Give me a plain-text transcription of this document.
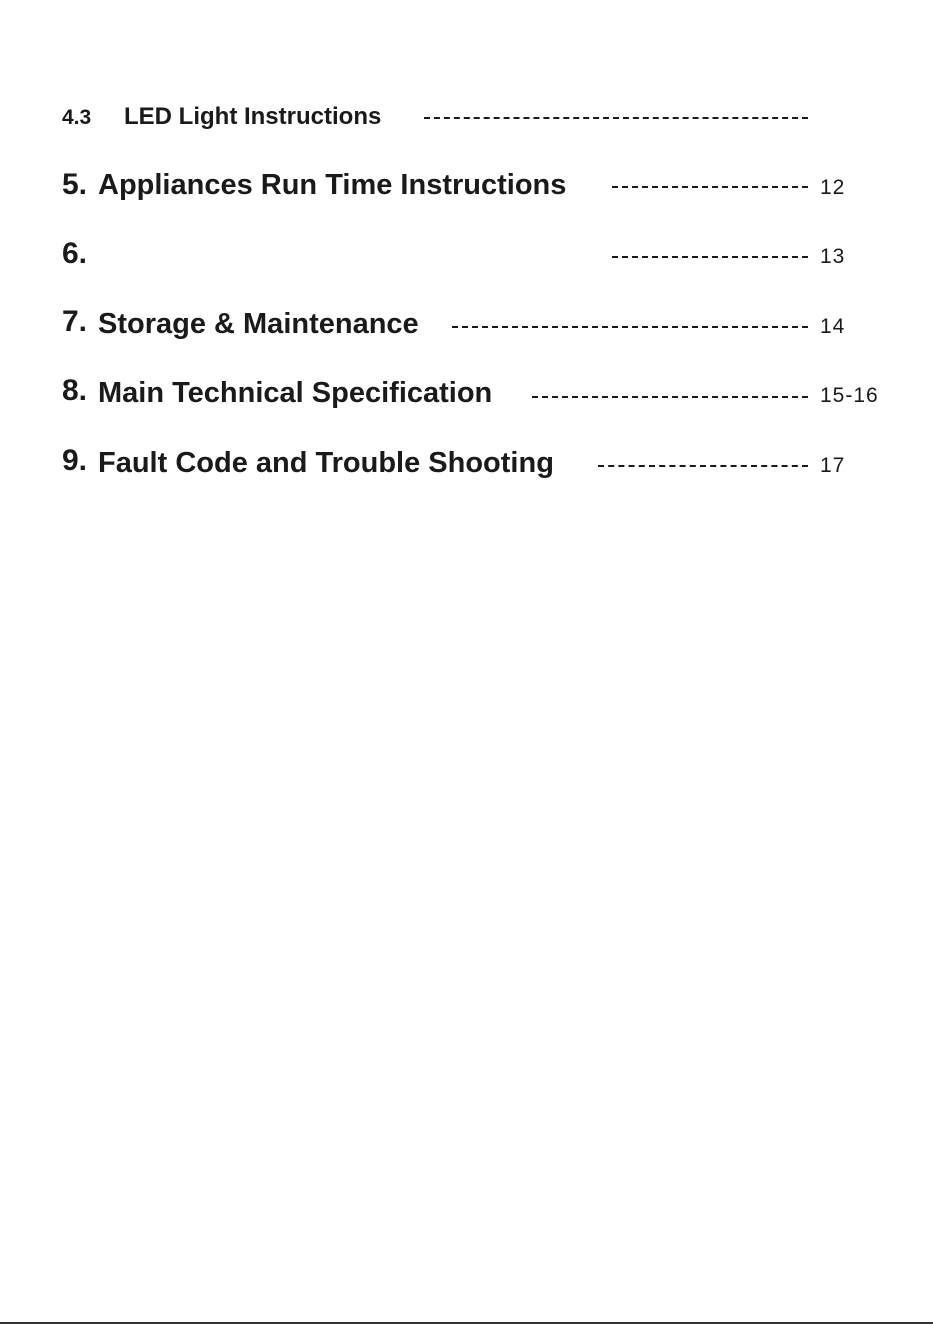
4.3 LED Light Instructions
5. Appliances Run Time Instructions	12
6.	13
7. Storage & Maintenance	14
8. Main Technical Specification	15-16
9. Fault Code and Trouble Shooting	17
